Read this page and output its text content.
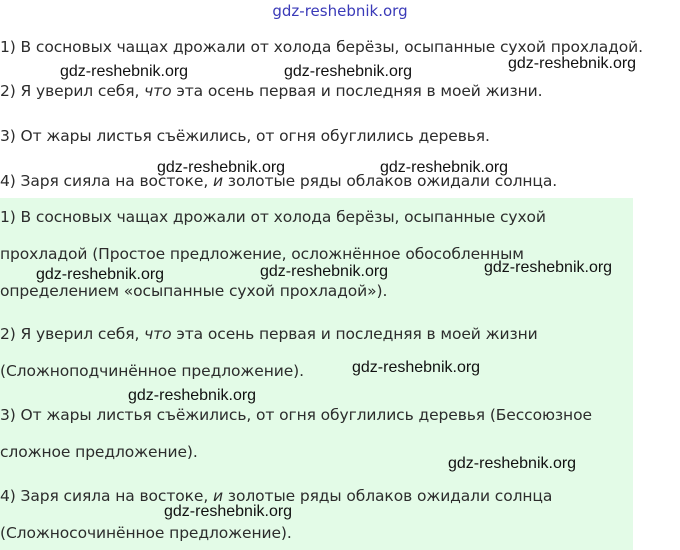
gdz-reshebnik.org
1) В сосновых чащах дрожали от холода берёзы, осыпанные сухой прохладой.
2) Я уверил себя, что эта осень первая и последняя в моей жизни.
3) От жары листья съёжились, от огня обуглились деревья.
4) Заря сияла на востоке, и золотые ряды облаков ожидали солнца.
1) В сосновых чащах дрожали от холода берёзы, осыпанные сухой
прохладой (Простое предложение, осложнённое обособленным
определением «осыпанные сухой прохладой»).
2) Я уверил себя, что эта осень первая и последняя в моей жизни
(Сложноподчинённое предложение).
3) От жары листья съёжились, от огня обуглились деревья (Бессоюзное
сложное предложение).
4) Заря сияла на востоке, и золотые ряды облаков ожидали солнца
(Сложносочинённое предложение).
gdz-reshebnik.org	gdz-reshebnik.org	gdz-reshebnik.org
gdz-reshebnik.org	gdz-reshebnik.org
gdz-reshebnik.org	gdz-reshebnik.org	gdz-reshebnik.org
gdz-reshebnik.org
gdz-reshebnik.org
gdz-reshebnik.org
gdz-reshebnik.org
